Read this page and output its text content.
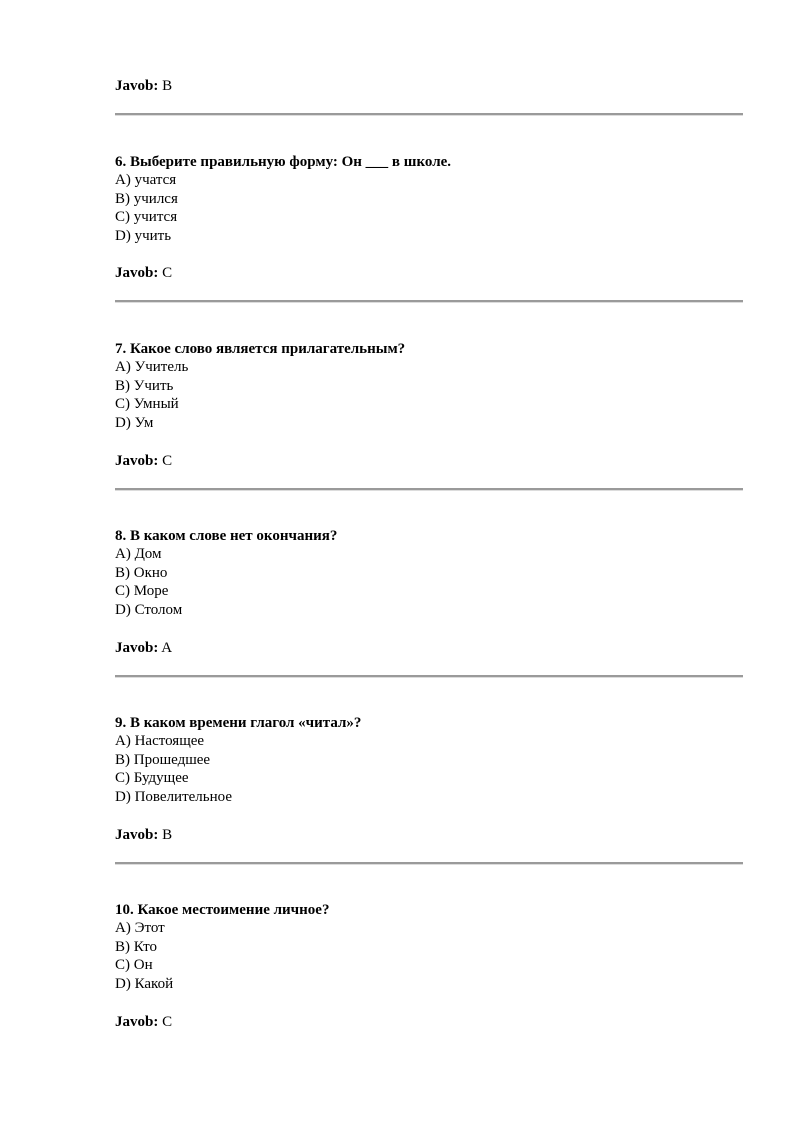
Javob: B
6. Выберите правильную форму: Он ___ в школе.
A) учатся
B) учился
C) учится
D) учить
Javob: C
7. Какое слово является прилагательным?
A) Учитель
B) Учить
C) Умный
D) Ум
Javob: C
8. В каком слове нет окончания?
A) Дом
B) Окно
C) Море
D) Столом
Javob: A
9. В каком времени глагол «читал»?
A) Настоящее
B) Прошедшее
C) Будущее
D) Повелительное
Javob: B
10. Какое местоимение личное?
A) Этот
B) Кто
C) Он
D) Какой
Javob: C
